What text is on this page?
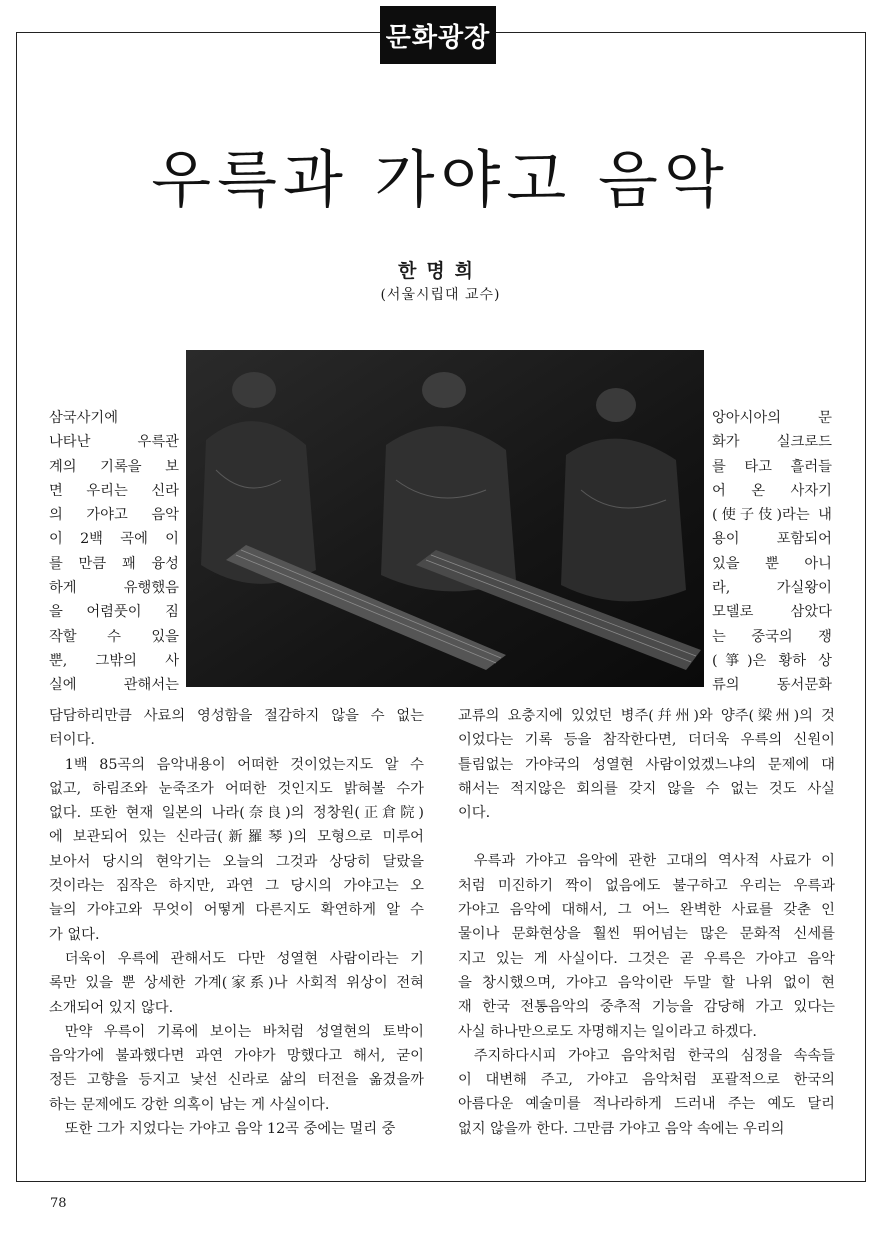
문화광장
우륵과 가야고 음악
한명희
(서울시립대 교수)
삼국사기에
나타난 우륵관
계의 기록을 보
면 우리는 신라
의 가야고 음악
이 2백 곡에 이
를 만큼 꽤 융성
하게 유행했음
을 어렴풋이 짐
작할 수 있을
뿐, 그밖의 사
실에 관해서는
앙아시아의 문
화가 실크로드
를 타고 흘러들
어 온 사자기
(使子伎)라는 내
용이 포함되어
있을 뿐 아니
라, 가실왕이
모델로 삼았다
는 중국의 쟁
(箏)은 황하 상
류의 동서문화
담담하리만큼 사료의 영성함을 절감하지 않을 수 없는
터이다.
1백 85곡의 음악내용이 어떠한 것이었는지도 알 수
없고, 하림조와 눈죽조가 어떠한 것인지도 밝혀볼 수가
없다. 또한 현재 일본의 나라(奈良)의 정창원(正倉院)
에 보관되어 있는 신라금(新羅琴)의 모형으로 미루어
보아서 당시의 현악기는 오늘의 그것과 상당히 달랐을
것이라는 짐작은 하지만, 과연 그 당시의 가야고는 오
늘의 가야고와 무엇이 어떻게 다른지도 확연하게 알 수
가 없다.
더욱이 우륵에 관해서도 다만 성열현 사람이라는 기
록만 있을 뿐 상세한 가계(家系)나 사회적 위상이 전혀
소개되어 있지 않다.
만약 우륵이 기록에 보이는 바처럼 성열현의 토박이
음악가에 불과했다면 과연 가야가 망했다고 해서, 굳이
정든 고향을 등지고 낯선 신라로 삶의 터전을 옮겼을까
하는 문제에도 강한 의혹이 남는 게 사실이다.
또한 그가 지었다는 가야고 음악 12곡 중에는 멀리 중
교류의 요충지에 있었던 병주(幷州)와 양주(梁州)의 것
이었다는 기록 등을 참작한다면, 더더욱 우륵의 신원이
틀림없는 가야국의 성열현 사람이었겠느냐의 문제에 대
해서는 적지않은 회의를 갖지 않을 수 없는 것도 사실
이다.
우륵과 가야고 음악에 관한 고대의 역사적 사료가 이
처럼 미진하기 짝이 없음에도 불구하고 우리는 우륵과
가야고 음악에 대해서, 그 어느 완벽한 사료를 갖춘 인
물이나 문화현상을 훨씬 뛰어넘는 많은 문화적 신세를
지고 있는 게 사실이다. 그것은 곧 우륵은 가야고 음악
을 창시했으며, 가야고 음악이란 두말 할 나위 없이 현
재 한국 전통음악의 중추적 기능을 감당해 가고 있다는
사실 하나만으로도 자명해지는 일이라고 하겠다.
주지하다시피 가야고 음악처럼 한국의 심정을 속속들
이 대변해 주고, 가야고 음악처럼 포괄적으로 한국의
아름다운 예술미를 적나라하게 드러내 주는 예도 달리
없지 않을까 한다. 그만큼 가야고 음악 속에는 우리의
78
